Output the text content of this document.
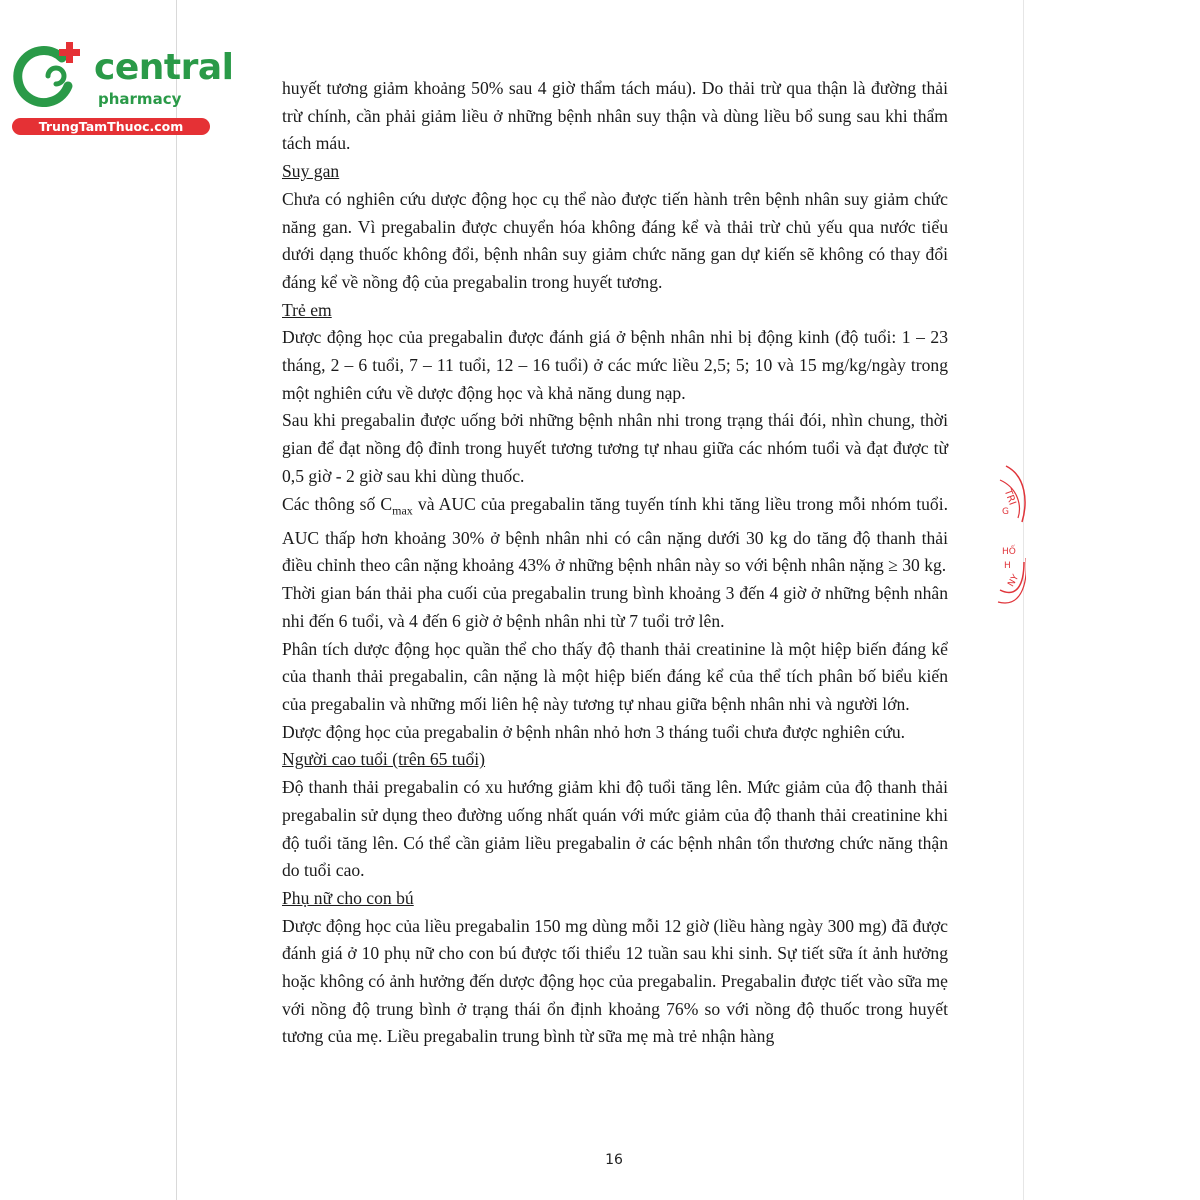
central
pharmacy
TrungTamThuoc.com

huyết tương giảm khoảng 50% sau 4 giờ thẩm tách máu). Do thải trừ qua thận là đường thải trừ chính, cần phải giảm liều ở những bệnh nhân suy thận và dùng liều bổ sung sau khi thẩm tách máu.

Suy gan

Chưa có nghiên cứu dược động học cụ thể nào được tiến hành trên bệnh nhân suy giảm chức năng gan. Vì pregabalin được chuyển hóa không đáng kể và thải trừ chủ yếu qua nước tiểu dưới dạng thuốc không đổi, bệnh nhân suy giảm chức năng gan dự kiến sẽ không có thay đổi đáng kể về nồng độ của pregabalin trong huyết tương.

Trẻ em

Dược động học của pregabalin được đánh giá ở bệnh nhân nhi bị động kinh (độ tuổi: 1 – 23 tháng, 2 – 6 tuổi, 7 – 11 tuổi, 12 – 16 tuổi) ở các mức liều 2,5; 5; 10 và 15 mg/kg/ngày trong một nghiên cứu về dược động học và khả năng dung nạp.

Sau khi pregabalin được uống bởi những bệnh nhân nhi trong trạng thái đói, nhìn chung, thời gian để đạt nồng độ đỉnh trong huyết tương tương tự nhau giữa các nhóm tuổi và đạt được từ 0,5 giờ - 2 giờ sau khi dùng thuốc.

Các thông số $C_{max}$ và AUC của pregabalin tăng tuyến tính khi tăng liều trong mỗi nhóm tuổi. AUC thấp hơn khoảng 30% ở bệnh nhân nhi có cân nặng dưới 30 kg do tăng độ thanh thải điều chỉnh theo cân nặng khoảng 43% ở những bệnh nhân này so với bệnh nhân nặng ≥ 30 kg.

Thời gian bán thải pha cuối của pregabalin trung bình khoảng 3 đến 4 giờ ở những bệnh nhân nhi đến 6 tuổi, và 4 đến 6 giờ ở bệnh nhân nhi từ 7 tuổi trở lên.

Phân tích dược động học quần thể cho thấy độ thanh thải creatinine là một hiệp biến đáng kể của thanh thải pregabalin, cân nặng là một hiệp biến đáng kể của thể tích phân bố biểu kiến của pregabalin và những mối liên hệ này tương tự nhau giữa bệnh nhân nhi và người lớn.

Dược động học của pregabalin ở bệnh nhân nhỏ hơn 3 tháng tuổi chưa được nghiên cứu.

Người cao tuổi (trên 65 tuổi)

Độ thanh thải pregabalin có xu hướng giảm khi độ tuổi tăng lên. Mức giảm của độ thanh thải pregabalin sử dụng theo đường uống nhất quán với mức giảm của độ thanh thải creatinine khi độ tuổi tăng lên. Có thể cần giảm liều pregabalin ở các bệnh nhân tổn thương chức năng thận do tuổi cao.

Phụ nữ cho con bú

Dược động học của liều pregabalin 150 mg dùng mỗi 12 giờ (liều hàng ngày 300 mg) đã được đánh giá ở 10 phụ nữ cho con bú được tối thiểu 12 tuần sau khi sinh. Sự tiết sữa ít ảnh hưởng hoặc không có ảnh hưởng đến dược động học của pregabalin. Pregabalin được tiết vào sữa mẹ với nồng độ trung bình ở trạng thái ổn định khoảng 76% so với nồng độ thuốc trong huyết tương của mẹ. Liều pregabalin trung bình từ sữa mẹ mà trẻ nhận hàng

TRI
G
HỐ
H
NY
16
